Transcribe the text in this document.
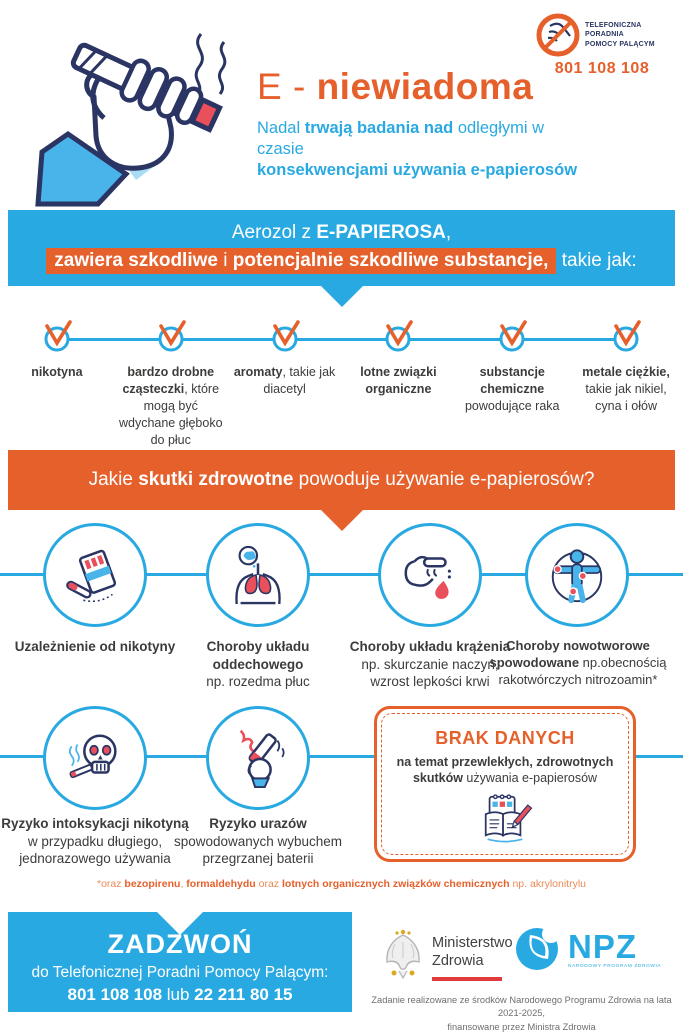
TELEFONICZNA
PORADNIA
POMOCY PALĄCYM
801 108 108
E - niewiadoma
Nadal trwają badania nad odległymi w czasie
konsekwencjami używania e-papierosów
Aerozol z E-PAPIEROSA,
zawiera szkodliwe i potencjalnie szkodliwe substancje, takie jak:
nikotyna	bardzo drobne cząsteczki, które mogą być wdychane głęboko do płuc
aromaty, takie jak diacetyl
lotne związki organiczne
substancje chemiczne powodujące raka
metale ciężkie, takie jak nikiel, cyna i ołów
Jakie skutki zdrowotne powoduje używanie e-papierosów?
Uzależnienie od nikotyny	Choroby układu oddechowego
np. rozedma płuc
Choroby układu krążenia
np. skurczanie naczyń, wzrost lepkości krwi
Choroby nowotworowe spowodowane np.obecnością rakotwórczych nitrozoamin*
Ryzyko intoksykacji nikotyną
w przypadku długiego, jednorazowego używania
Ryzyko urazów
spowodowanych wybuchem przegrzanej baterii
BRAK DANYCH
na temat przewlekłych, zdrowotnych skutków używania e-papierosów
*oraz bezopirenu, formaldehydu oraz lotnych organicznych związków chemicznych np. akrylonitrylu
ZADZWOŃ
do Telefonicznej Poradni Pomocy Palącym:
801 108 108 lub 22 211 80 15
Ministerstwo
Zdrowia	NPZ
NARODOWY PROGRAM ZDROWIA
Zadanie realizowane ze środków Narodowego Programu Zdrowia na lata 2021-2025,
finansowane przez Ministra Zdrowia
